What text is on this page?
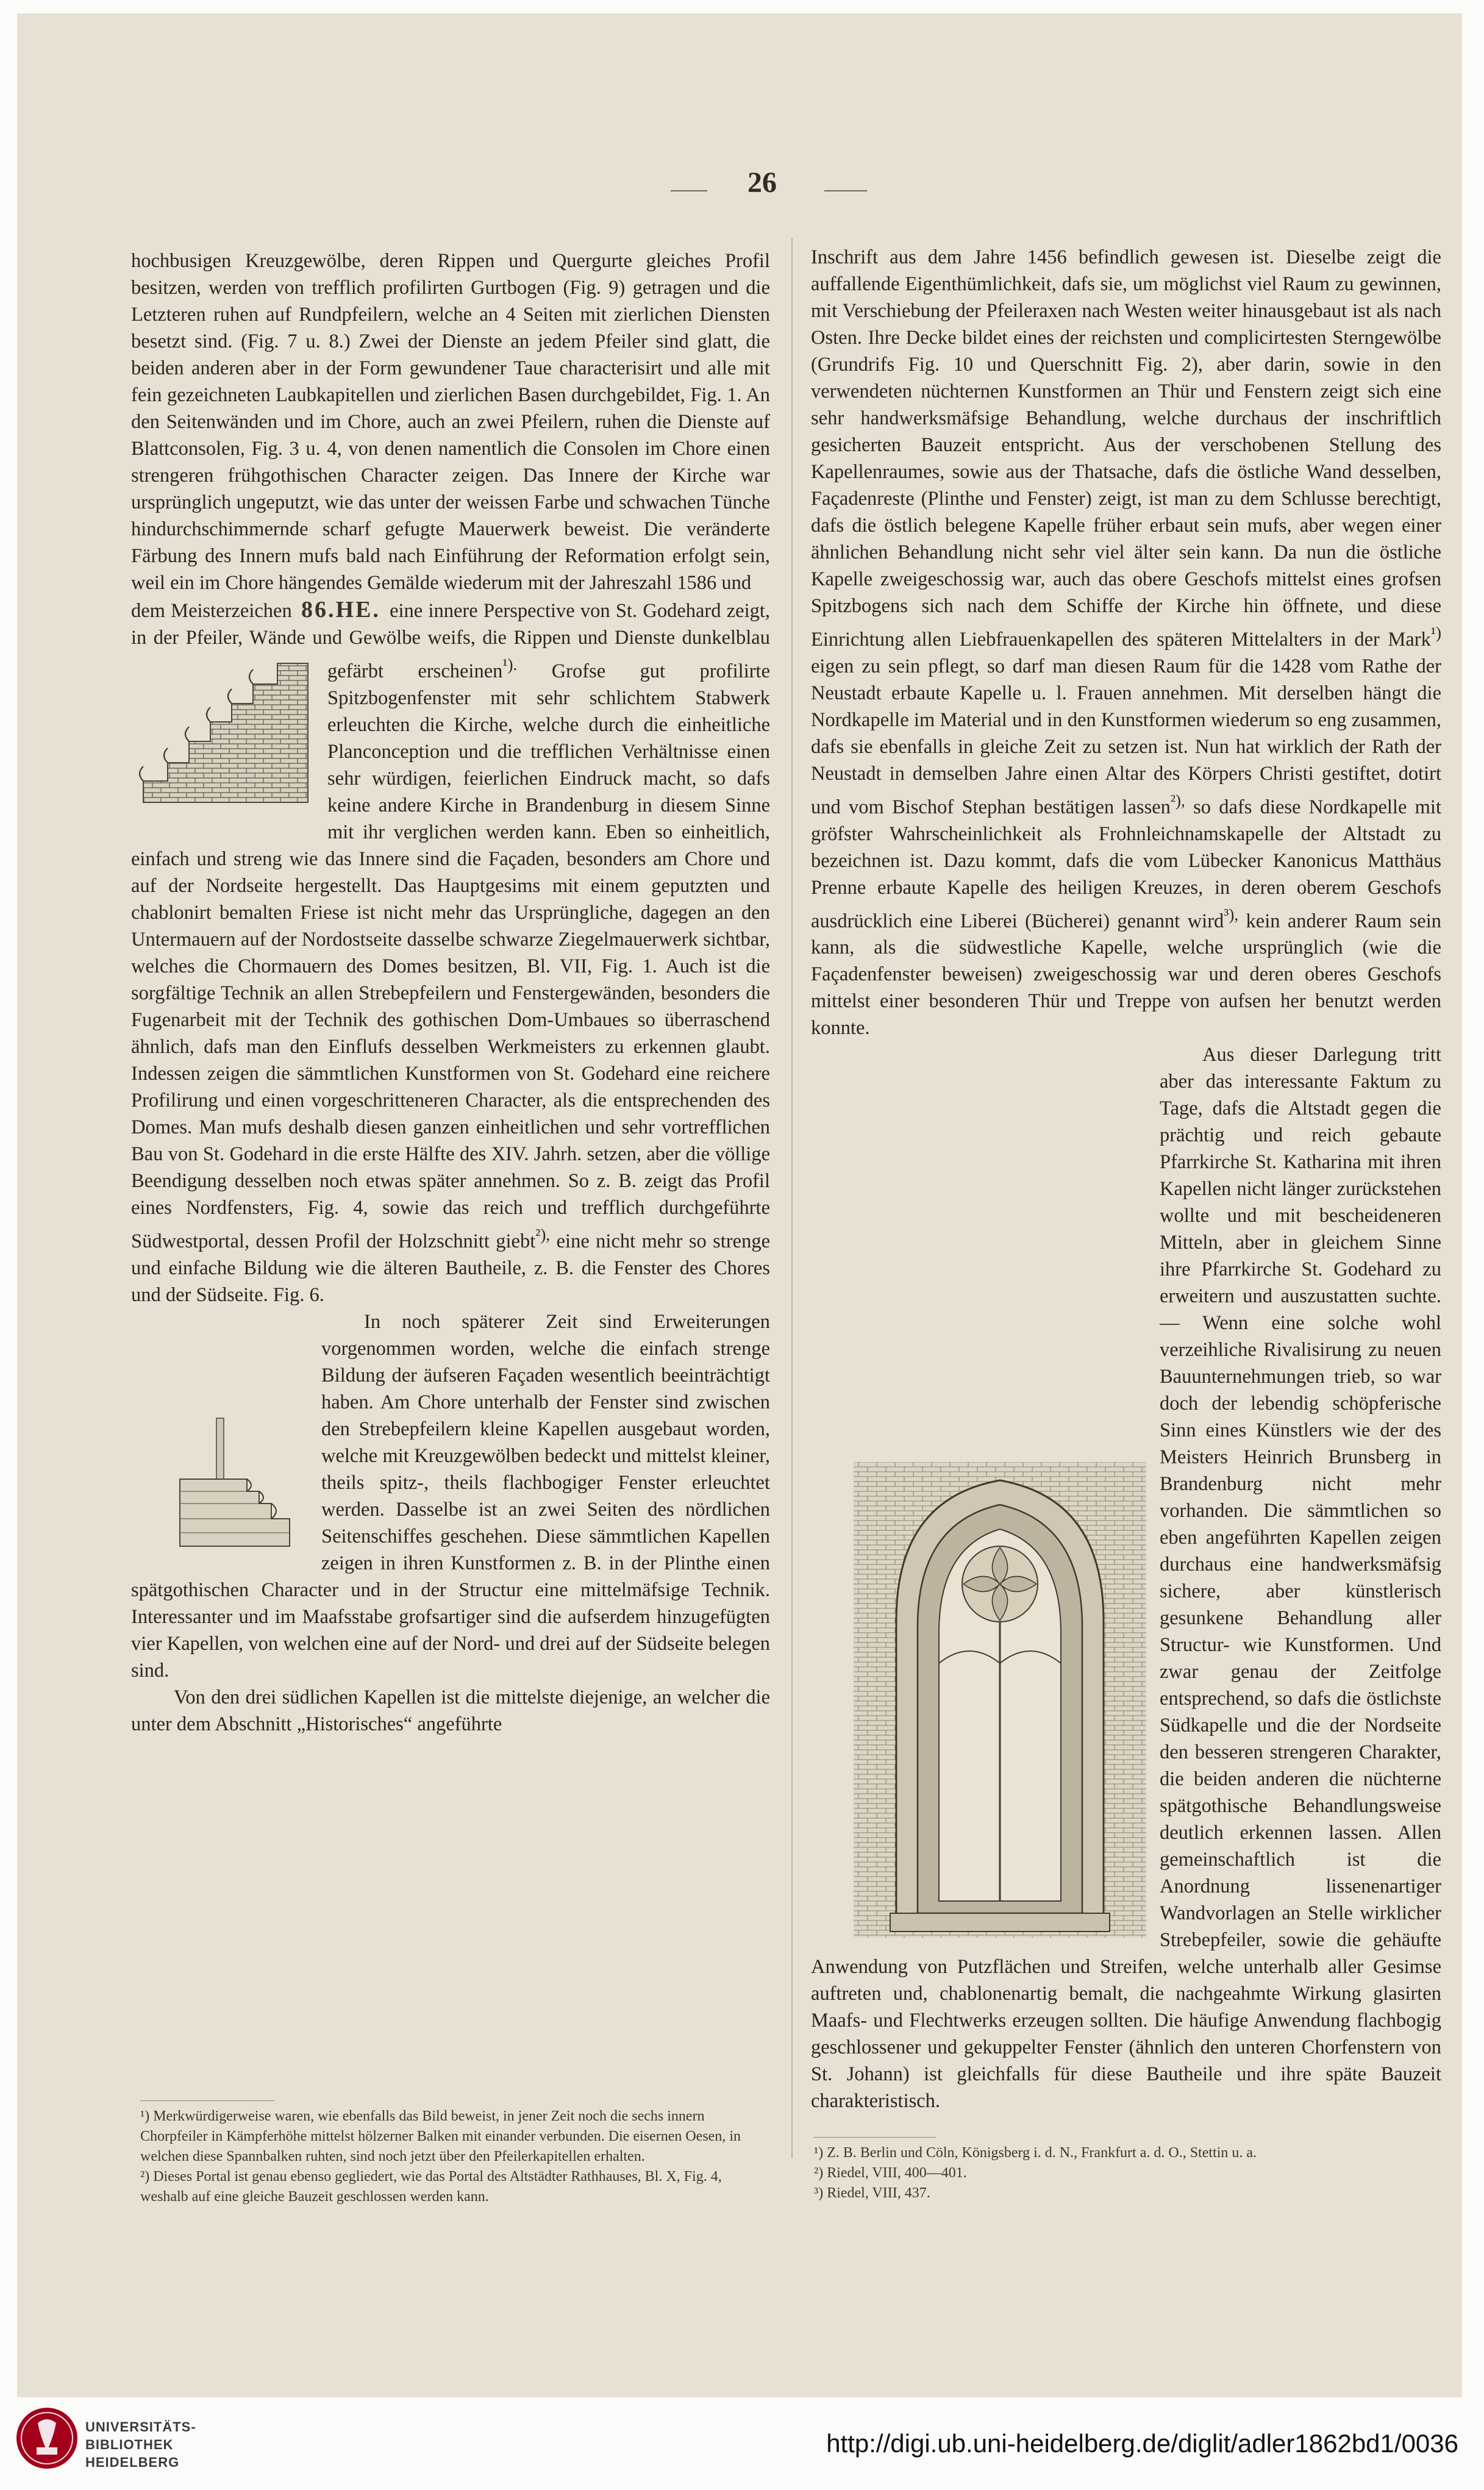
26

hochbusigen Kreuzgewölbe, deren Rippen und Quergurte gleiches Profil besitzen, werden von trefflich profilirten Gurtbogen (Fig. 9) getragen und die Letzteren ruhen auf Rundpfeilern, welche an 4 Seiten mit zierlichen Diensten besetzt sind. (Fig. 7 u. 8.) Zwei der Dienste an jedem Pfeiler sind glatt, die beiden anderen aber in der Form gewundener Taue characterisirt und alle mit fein gezeichneten Laubkapitellen und zierlichen Basen durchgebildet, Fig. 1. An den Seitenwänden und im Chore, auch an zwei Pfeilern, ruhen die Dienste auf Blattconsolen, Fig. 3 u. 4, von denen namentlich die Consolen im Chore einen strengeren frühgothischen Character zeigen. Das Innere der Kirche war ursprünglich ungeputzt, wie das unter der weissen Farbe und schwachen Tünche hindurchschimmernde scharf gefugte Mauerwerk beweist. Die veränderte Färbung des Innern mufs bald nach Einführung der Reformation erfolgt sein, weil ein im Chore hängendes Gemälde wiederum mit der Jahreszahl 1586 und

dem Meisterzeichen 86.HE. eine innere Perspective von St. Godehard zeigt, in der Pfeiler, Wände und Gewölbe weifs, die Rippen und Dienste dunkelblau gefärbt erscheinen$^{^1).}$ Grofse gut profilirte Spitzbogenfenster mit sehr schlichtem Stabwerk erleuchten die Kirche, welche durch die einheitliche Planconception und die trefflichen Verhältnisse einen sehr würdigen, feierlichen Eindruck macht, so dafs keine andere Kirche in Brandenburg in diesem Sinne mit ihr verglichen werden kann. Eben so einheitlich, einfach und streng wie das Innere sind die Façaden, besonders am Chore und auf der Nordseite hergestellt. Das Hauptgesims mit einem geputzten und chablonirt bemalten Friese ist nicht mehr das Ursprüngliche, dagegen an den Untermauern auf der Nordostseite dasselbe schwarze Ziegelmauerwerk sichtbar, welches die Chormauern des Domes besitzen, Bl. VII, Fig. 1. Auch ist die sorgfältige Technik an allen Strebepfeilern und Fenstergewänden, besonders die Fugenarbeit mit der Technik des gothischen Dom-Umbaues so überraschend ähnlich, dafs man den Einflufs desselben Werkmeisters zu erkennen glaubt. Indessen zeigen die sämmtlichen Kunstformen von St. Godehard eine reichere Profilirung und einen vorgeschritteneren Character, als die entsprechenden des Domes. Man mufs deshalb diesen ganzen einheitlichen und sehr vortrefflichen Bau von St. Godehard in die erste Hälfte des XIV. Jahrh. setzen, aber die völlige Beendigung desselben noch etwas später annehmen. So z. B. zeigt das Profil eines Nordfensters, Fig. 4, sowie das reich und trefflich durchgeführte Südwestportal, dessen Profil der Holzschnitt giebt$^{^2),}$ eine nicht mehr so strenge und einfache Bildung wie die älteren Bautheile, z. B. die Fenster des Chores und der Südseite. Fig. 6.

In noch späterer Zeit sind Erweiterungen vorgenommen worden, welche die einfach strenge Bildung der äufseren Façaden wesentlich beeinträchtigt haben. Am Chore unterhalb der Fenster sind zwischen den Strebepfeilern kleine Kapellen ausgebaut worden, welche mit Kreuzgewölben bedeckt und mittelst kleiner, theils spitz-, theils flachbogiger Fenster erleuchtet werden. Dasselbe ist an zwei Seiten des nördlichen Seitenschiffes geschehen. Diese sämmtlichen Kapellen zeigen in ihren Kunstformen z. B. in der Plinthe einen spätgothischen Character und in der Structur eine mittelmäfsige Technik. Interessanter und im Maafsstabe grofsartiger sind die aufserdem hinzugefügten vier Kapellen, von welchen eine auf der Nord- und drei auf der Südseite belegen sind.

Von den drei südlichen Kapellen ist die mittelste diejenige, an welcher die unter dem Abschnitt „Historisches“ angeführte

Inschrift aus dem Jahre 1456 befindlich gewesen ist. Dieselbe zeigt die auffallende Eigenthümlichkeit, dafs sie, um möglichst viel Raum zu gewinnen, mit Verschiebung der Pfeileraxen nach Westen weiter hinausgebaut ist als nach Osten. Ihre Decke bildet eines der reichsten und complicirtesten Sterngewölbe (Grundrifs Fig. 10 und Querschnitt Fig. 2), aber darin, sowie in den verwendeten nüchternen Kunstformen an Thür und Fenstern zeigt sich eine sehr handwerksmäfsige Behandlung, welche durchaus der inschriftlich gesicherten Bauzeit entspricht. Aus der verschobenen Stellung des Kapellenraumes, sowie aus der Thatsache, dafs die östliche Wand desselben, Façadenreste (Plinthe und Fenster) zeigt, ist man zu dem Schlusse berechtigt, dafs die östlich belegene Kapelle früher erbaut sein mufs, aber wegen einer ähnlichen Behandlung nicht sehr viel älter sein kann. Da nun die östliche Kapelle zweigeschossig war, auch das obere Geschofs mittelst eines grofsen Spitzbogens sich nach dem Schiffe der Kirche hin öffnete, und diese Einrichtung allen Liebfrauenkapellen des späteren Mittelalters in der Mark$^{^1)}$ eigen zu sein pflegt, so darf man diesen Raum für die 1428 vom Rathe der Neustadt erbaute Kapelle u. l. Frauen annehmen. Mit derselben hängt die Nordkapelle im Material und in den Kunstformen wiederum so eng zusammen, dafs sie ebenfalls in gleiche Zeit zu setzen ist. Nun hat wirklich der Rath der Neustadt in demselben Jahre einen Altar des Körpers Christi gestiftet, dotirt und vom Bischof Stephan bestätigen lassen$^{^2),}$ so dafs diese Nordkapelle mit gröfster Wahrscheinlichkeit als Frohnleichnamskapelle der Altstadt zu bezeichnen ist. Dazu kommt, dafs die vom Lübecker Kanonicus Matthäus Prenne erbaute Kapelle des heiligen Kreuzes, in deren oberem Geschofs ausdrücklich eine Liberei (Bücherei) genannt wird$^{^3),}$ kein anderer Raum sein kann, als die südwestliche Kapelle, welche ursprünglich (wie die Façadenfenster beweisen) zweigeschossig war und deren oberes Geschofs mittelst einer besonderen Thür und Treppe von aufsen her benutzt werden konnte.

Aus dieser Darlegung tritt aber das interessante Faktum zu Tage, dafs die Altstadt gegen die prächtig und reich gebaute Pfarrkirche St. Katharina mit ihren Kapellen nicht länger zurückstehen wollte und mit bescheideneren Mitteln, aber in gleichem Sinne ihre Pfarrkirche St. Godehard zu erweitern und auszustatten suchte. — Wenn eine solche wohl verzeihliche Rivalisirung zu neuen Bauunternehmungen trieb, so war doch der lebendig schöpferische Sinn eines Künstlers wie der des Meisters Heinrich Brunsberg in Brandenburg nicht mehr vorhanden. Die sämmtlichen so eben angeführten Kapellen zeigen durchaus eine handwerksmäfsig sichere, aber künstlerisch gesunkene Behandlung aller Structur- wie Kunstformen. Und zwar genau der Zeitfolge entsprechend, so dafs die östlichste Südkapelle und die der Nordseite den besseren strengeren Charakter, die beiden anderen die nüchterne spätgothische Behandlungsweise deutlich erkennen lassen. Allen gemeinschaftlich ist die Anordnung lissenenartiger Wandvorlagen an Stelle wirklicher Strebepfeiler, sowie die gehäufte Anwendung von Putzflächen und Streifen, welche unterhalb aller Gesimse auftreten und, chablonenartig bemalt, die nachgeahmte Wirkung glasirten Maafs- und Flechtwerks erzeugen sollten. Die häufige Anwendung flachbogig geschlossener und gekuppelter Fenster (ähnlich den unteren Chorfenstern von St. Johann) ist gleichfalls für diese Bautheile und ihre späte Bauzeit charakteristisch.

¹) Merkwürdigerweise waren, wie ebenfalls das Bild beweist, in jener Zeit noch die sechs innern Chorpfeiler in Kämpferhöhe mittelst hölzerner Balken mit einander verbunden. Die eisernen Oesen, in welchen diese Spannbalken ruhten, sind noch jetzt über den Pfeilerkapitellen erhalten.

²) Dieses Portal ist genau ebenso gegliedert, wie das Portal des Altstädter Rathhauses, Bl. X, Fig. 4, weshalb auf eine gleiche Bauzeit geschlossen werden kann.

¹) Z. B. Berlin und Cöln, Königsberg i. d. N., Frankfurt a. d. O., Stettin u. a.

²) Riedel, VIII, 400—401.

³) Riedel, VIII, 437.

UNIVERSITÄTS-
BIBLIOTHEK
HEIDELBERG
http://digi.ub.uni-heidelberg.de/diglit/adler1862bd1/0036
